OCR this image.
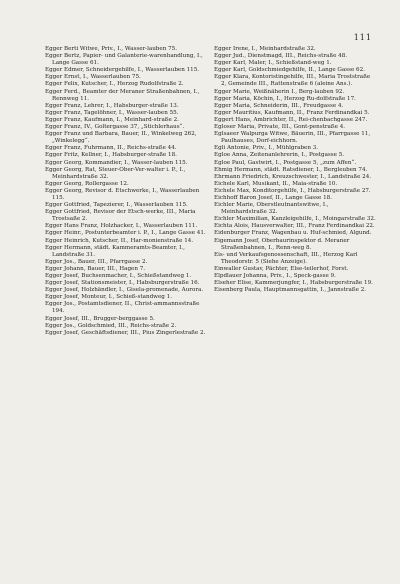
111

Egger Berti Witwe, Priv., I., Wasser-lauben 75.

Egger Bertz, Papier- und Galanterie-warenhandlung, I., Lange Gasse 61.

Egger Edmer, Schneidergehilfe, I., Wasserlauben 115.

Egger Ernst, I., Wasserlauben 75.

Egger Felix, Kutscher, I., Herzog Rudolfstraße 2.

Egger Ferd., Beamter der Meraner Straßenbahnen, I., Rennweg 11.

Egger Franz, Lehrer, I., Habsburger-straße 13.

Egger Franz, Tagelöhner, I., Wasser-lauben 55.

Egger Franz, Kaufmann, I., Meinhard-straße 2.

Egger Franz, IV., Goltergasse 37, „Stichlerhaus“.

Egger Franz und Barbara, Bauer, II., Winkelweg 262, „Winkelegg“.

Egger Franz, Fuhrmann, II., Reichs-straße 44.

Egger Fritz, Kellner, I., Habsburger-straße 18.

Egger Georg, Kommandier, I., Wasser-lauben 115.

Egger Georg, Rat, Steuer-Ober-Ver-walter i. P., I., Meinhardstraße 32.

Egger Georg, Rollergasse 12.

Egger Georg, Revisor d. Etschwerke, I., Wasserlauben 115.

Egger Gottfried, Tapezierer, I., Wasserlauben 115.

Egger Gottfried, Revisor der Etsch-werke, III., Maria Trostsaße 2.

Egger Hans Franz, Holzhacker, I., Wasserlauben 111.

Egger Heinr., Postunterbeamter i. P., I., Lange Gasse 41.

Egger Heinrich, Kutscher, II., Har-monienstraße 14.

Egger Hermann, städt. Kammeramts-Beamter, I., Landstraße 31.

Egger Jos., Bauer, III., Pfarrgasse 2.

Egger Johann, Bauer, III., Hagen 7.

Egger Josef, Buchsenmacher, I., Schießstandweg 1.

Egger Josef, Stationsmeister, I., Habsburgerstraße 16.

Egger Josef, Holzhändler, I., Gisela-promenade, Aurora.

Egger Josef, Monteur, I., Schieß-standweg 1.

Egger Jos., Postamtsdiener, II., Christ-ammannsstraße 194.

Egger Josef, III., Brugger-berggasse 5.

Egger Jos., Goldschmied, III., Reichs-straße 2.

Egger Josef, Geschäftsdiener, III., Pius Zingerlestraße 2.

Egger Irene, I., Meinhardstraße 32.

Egger Jud., Dienstmagd, III., Reichs-straße 48.

Egger Karl, Maler, I., Schießstand-weg 1.

Egger Karl, Goldschmiedgehilfe, II., Lange Gasse 62.

Egger Klara, Kontoristingehilfe, III., Maria Troststraße 2, Gemeinde III., Rattenstraße 6 (aleine Ans.).

Egger Marie, Weißnäherin I., Berg-lauben 92.

Egger Maria, Köchin, I., Herzog Ru-dolfstraße 17.

Egger Maria, Schneiderin, III., Freudgasse 4.

Egger Mauritius, Kaufmann, II., Franz Ferdinandkai 5.

Eggert Hans, Ambrichter, II., Rei-chenbachgasse 247.

Egloser Maria, Private, III., Gont-penstraße 4.

Eglsaeer Walpurga Witwe, Bäuerin, III., Pfarrgasse 11, Paulhauses, Dorf-eichhorn.

Egli Antonie, Priv., I., Mühlgraben 3.

Egloe Anna, Zeitenanlehrerin, I., Postgasse 5.

Egloe Paul, Gastwirt, I., Postgasse 5, „zum Affen“.

Ehmig Hermann, städt. Ratsdiener, I., Bergleuben 74.

Ehrmann Friedrich, Kreuzschwester, I., Landstraße 24.

Eichele Karl, Musikant, II., Maia-straße 10.

Eichele Max, Konditorgehilfe, I., Habsburgerstraße 27.

Eichhoff Baron Josef, II., Lange Gasse 18.

Eichler Marie, Oberstleutnantswitwe, I., Meinhardstraße 32.

Eichler Maximilian, Kanzleigehilfe, I., Moingarstraße 32.

Eichta Alois, Hausverwalter, III., Franz Ferdinandkai 22.

Eidenburger Franz, Wagenbau u. Huf-schmied, Algund.

Eigemann Josef, Oberbaurinspektor d. Meraner Straßenbahnen, I., Renn-weg 8.

Eis- und Verkaufsgenossenschaft, III., Herzog Karl Theodorstr. 5 (Siehe Anzeige).

Einwaller Gustav, Pächter, Else-teilerhof, Forst.

Elpdlauer Johanna, Priv., I., Speck-gasse 9.

Elseher Elise, Kammerjungfer, I., Habsburgerstraße 19.

Eisenberg Paula, Hauptmannsgattin, I., Jannstraße 2.
